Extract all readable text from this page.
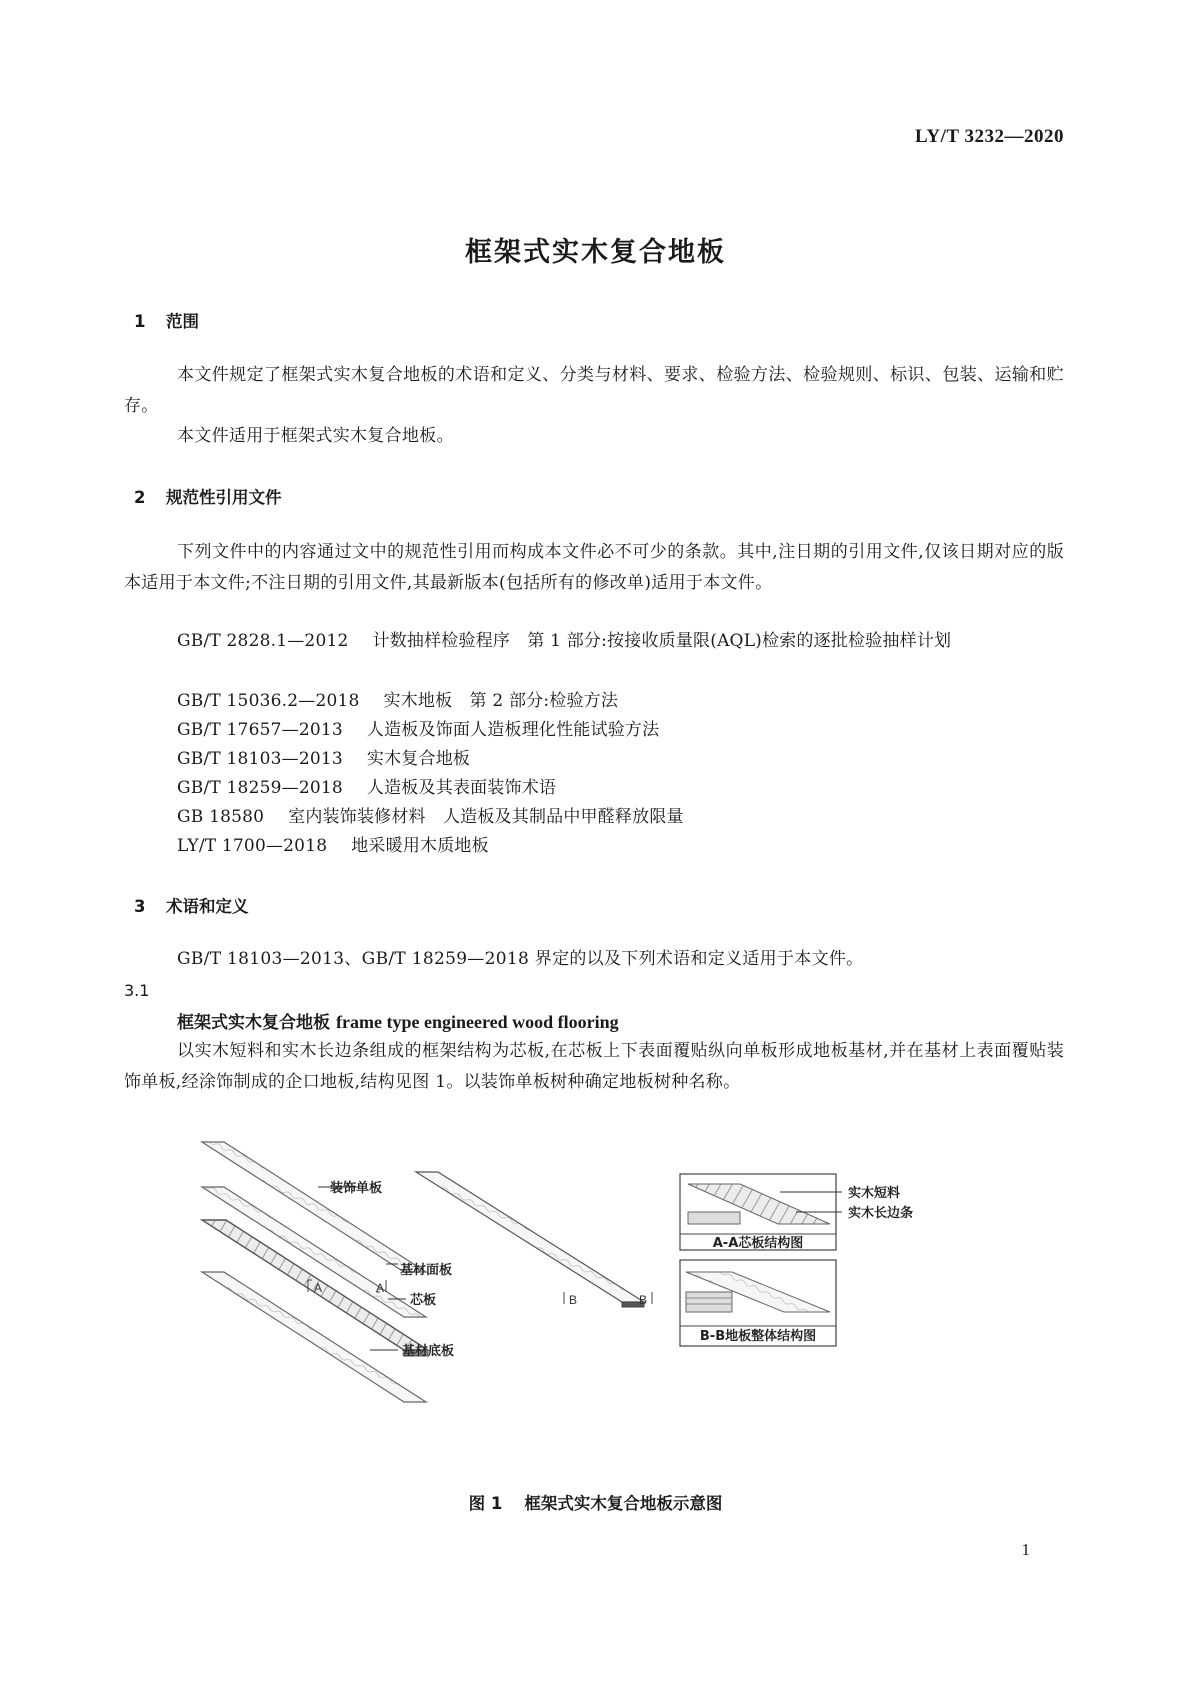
LY/T 3232—2020
框架式实木复合地板
1 范围
本文件规定了框架式实木复合地板的术语和定义、分类与材料、要求、检验方法、检验规则、标识、包装、运输和贮存。
本文件适用于框架式实木复合地板。
2 规范性引用文件
下列文件中的内容通过文中的规范性引用而构成本文件必不可少的条款。其中,注日期的引用文件,仅该日期对应的版本适用于本文件;不注日期的引用文件,其最新版本(包括所有的修改单)适用于本文件。
GB/T 2828.1—2012 计数抽样检验程序　第 1 部分:按接收质量限(AQL)检索的逐批检验抽样计划
GB/T 15036.2—2018 实木地板　第 2 部分:检验方法
GB/T 17657—2013 人造板及饰面人造板理化性能试验方法
GB/T 18103—2013 实木复合地板
GB/T 18259—2018 人造板及其表面装饰术语
GB 18580 室内装饰装修材料　人造板及其制品中甲醛释放限量
LY/T 1700—2018 地采暖用木质地板
3 术语和定义
GB/T 18103—2013、GB/T 18259—2018 界定的以及下列术语和定义适用于本文件。
3.1
框架式实木复合地板 frame type engineered wood flooring
以实木短料和实木长边条组成的框架结构为芯板,在芯板上下表面覆贴纵向单板形成地板基材,并在基材上表面覆贴装饰单板,经涂饰制成的企口地板,结构见图 1。以装饰单板树种确定地板树种名称。
装饰单板
基材面板
芯板
基材底板
A	A
B	B
A-A芯板结构图
实木短料
实木长边条
B-B地板整体结构图
图 1 框架式实木复合地板示意图
1
